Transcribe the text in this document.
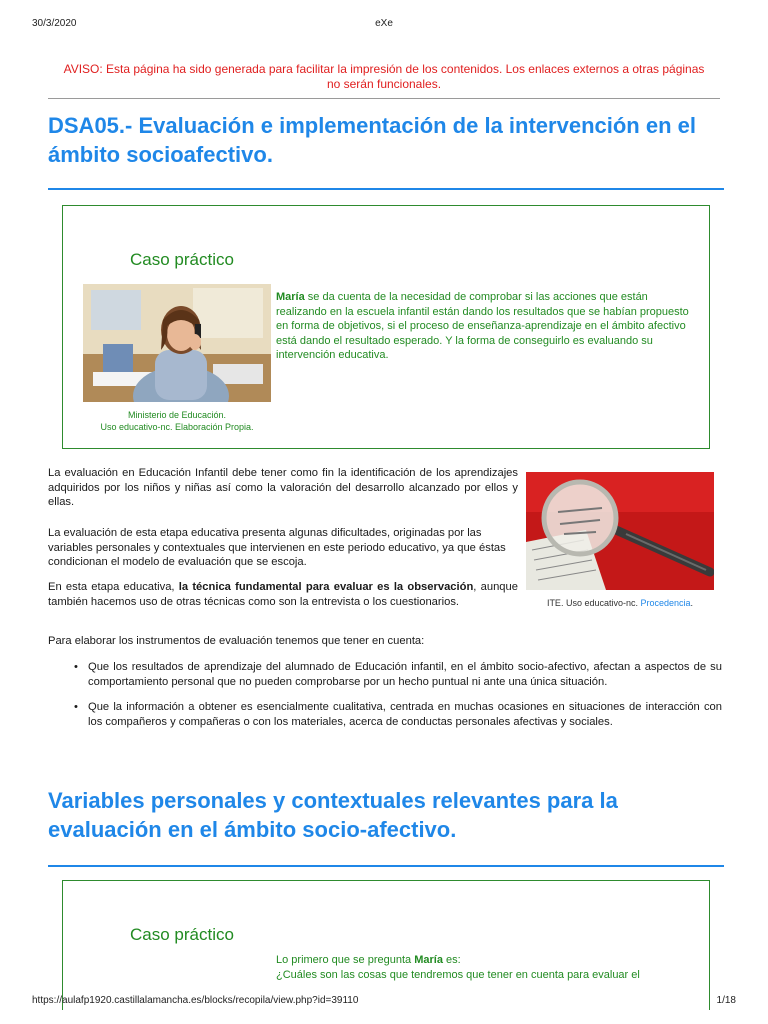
30/3/2020	eXe
AVISO: Esta página ha sido generada para facilitar la impresión de los contenidos. Los enlaces externos a otras páginas no serán funcionales.
DSA05.- Evaluación e implementación de la intervención en el ámbito socioafectivo.
Caso práctico
Ministerio de Educación.
Uso educativo-nc. Elaboración Propia.

María se da cuenta de la necesidad de comprobar si las acciones que están realizando en la escuela infantil están dando los resultados que se habían propuesto en forma de objetivos, si el proceso de enseñanza-aprendizaje en el ámbito afectivo está dando el resultado esperado. Y la forma de conseguirlo es evaluando su intervención educativa.

La evaluación en Educación Infantil debe tener como fin la identificación de los aprendizajes adquiridos por los niños y niñas así como la valoración del desarrollo alcanzado por ellos y ellas.

La evaluación de esta etapa educativa presenta algunas dificultades, originadas por las variables personales y contextuales que intervienen en este periodo educativo, ya que éstas condicionan el modelo de evaluación que se escoja.

En esta etapa educativa, la técnica fundamental para evaluar es la observación, aunque también hacemos uso de otras técnicas como son la entrevista o los cuestionarios.	ITE. Uso educativo-nc. Procedencia.

Para elaborar los instrumentos de evaluación tenemos que tener en cuenta:

• Que los resultados de aprendizaje del alumnado de Educación infantil, en el ámbito socio-afectivo, afectan a aspectos de su comportamiento personal que no pueden comprobarse por un hecho puntual ni ante una única situación.
• Que la información a obtener es esencialmente cualitativa, centrada en muchas ocasiones en situaciones de interacción con los compañeros y compañeras o con los materiales, acerca de conductas personales afectivas y sociales.
Variables personales y contextuales relevantes para la evaluación en el ámbito socio-afectivo.
Caso práctico

Lo primero que se pregunta María es:
¿Cuáles son las cosas que tendremos que tener en cuenta para evaluar el

https://aulafp1920.castillalamancha.es/blocks/recopila/view.php?id=39110	1/18
